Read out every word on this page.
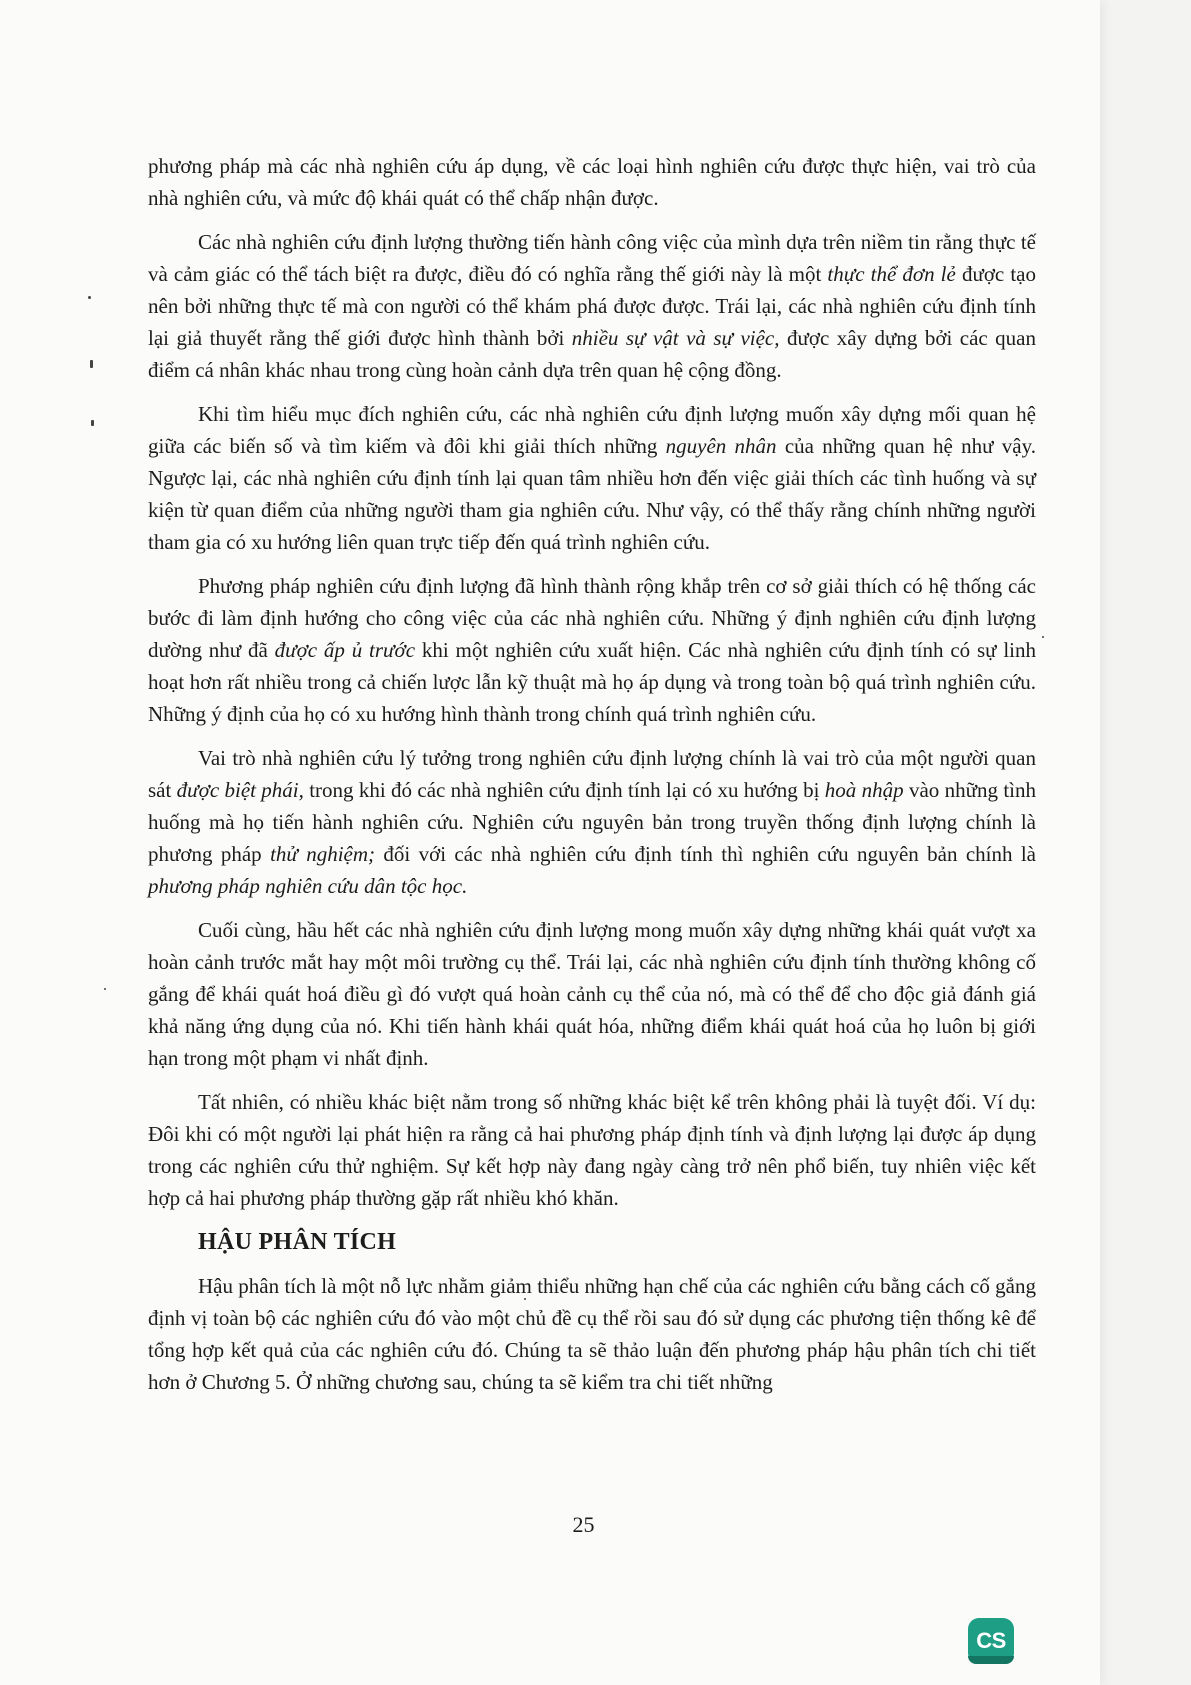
phương pháp mà các nhà nghiên cứu áp dụng, về các loại hình nghiên cứu được thực hiện, vai trò của nhà nghiên cứu, và mức độ khái quát có thể chấp nhận được.

Các nhà nghiên cứu định lượng thường tiến hành công việc của mình dựa trên niềm tin rằng thực tế và cảm giác có thể tách biệt ra được, điều đó có nghĩa rằng thế giới này là một thực thể đơn lẻ được tạo nên bởi những thực tế mà con người có thể khám phá được được. Trái lại, các nhà nghiên cứu định tính lại giả thuyết rằng thế giới được hình thành bởi nhiều sự vật và sự việc, được xây dựng bởi các quan điểm cá nhân khác nhau trong cùng hoàn cảnh dựa trên quan hệ cộng đồng.

Khi tìm hiểu mục đích nghiên cứu, các nhà nghiên cứu định lượng muốn xây dựng mối quan hệ giữa các biến số và tìm kiếm và đôi khi giải thích những nguyên nhân của những quan hệ như vậy. Ngược lại, các nhà nghiên cứu định tính lại quan tâm nhiều hơn đến việc giải thích các tình huống và sự kiện từ quan điểm của những người tham gia nghiên cứu. Như vậy, có thể thấy rằng chính những người tham gia có xu hướng liên quan trực tiếp đến quá trình nghiên cứu.

Phương pháp nghiên cứu định lượng đã hình thành rộng khắp trên cơ sở giải thích có hệ thống các bước đi làm định hướng cho công việc của các nhà nghiên cứu. Những ý định nghiên cứu định lượng dường như đã được ấp ủ trước khi một nghiên cứu xuất hiện. Các nhà nghiên cứu định tính có sự linh hoạt hơn rất nhiều trong cả chiến lược lẫn kỹ thuật mà họ áp dụng và trong toàn bộ quá trình nghiên cứu. Những ý định của họ có xu hướng hình thành trong chính quá trình nghiên cứu.

Vai trò nhà nghiên cứu lý tưởng trong nghiên cứu định lượng chính là vai trò của một người quan sát được biệt phái, trong khi đó các nhà nghiên cứu định tính lại có xu hướng bị hoà nhập vào những tình huống mà họ tiến hành nghiên cứu. Nghiên cứu nguyên bản trong truyền thống định lượng chính là phương pháp thử nghiệm; đối với các nhà nghiên cứu định tính thì nghiên cứu nguyên bản chính là phương pháp nghiên cứu dân tộc học.

Cuối cùng, hầu hết các nhà nghiên cứu định lượng mong muốn xây dựng những khái quát vượt xa hoàn cảnh trước mắt hay một môi trường cụ thể. Trái lại, các nhà nghiên cứu định tính thường không cố gắng để khái quát hoá điều gì đó vượt quá hoàn cảnh cụ thể của nó, mà có thể để cho độc giả đánh giá khả năng ứng dụng của nó. Khi tiến hành khái quát hóa, những điểm khái quát hoá của họ luôn bị giới hạn trong một phạm vi nhất định.

Tất nhiên, có nhiều khác biệt nằm trong số những khác biệt kể trên không phải là tuyệt đối. Ví dụ: Đôi khi có một người lại phát hiện ra rằng cả hai phương pháp định tính và định lượng lại được áp dụng trong các nghiên cứu thử nghiệm. Sự kết hợp này đang ngày càng trở nên phổ biến, tuy nhiên việc kết hợp cả hai phương pháp thường gặp rất nhiều khó khăn.

HẬU PHÂN TÍCH

Hậu phân tích là một nỗ lực nhằm giảm thiểu những hạn chế của các nghiên cứu bằng cách cố gắng định vị toàn bộ các nghiên cứu đó vào một chủ đề cụ thể rồi sau đó sử dụng các phương tiện thống kê để tổng hợp kết quả của các nghiên cứu đó. Chúng ta sẽ thảo luận đến phương pháp hậu phân tích chi tiết hơn ở Chương 5. Ở những chương sau, chúng ta sẽ kiểm tra chi tiết những

25
CS
